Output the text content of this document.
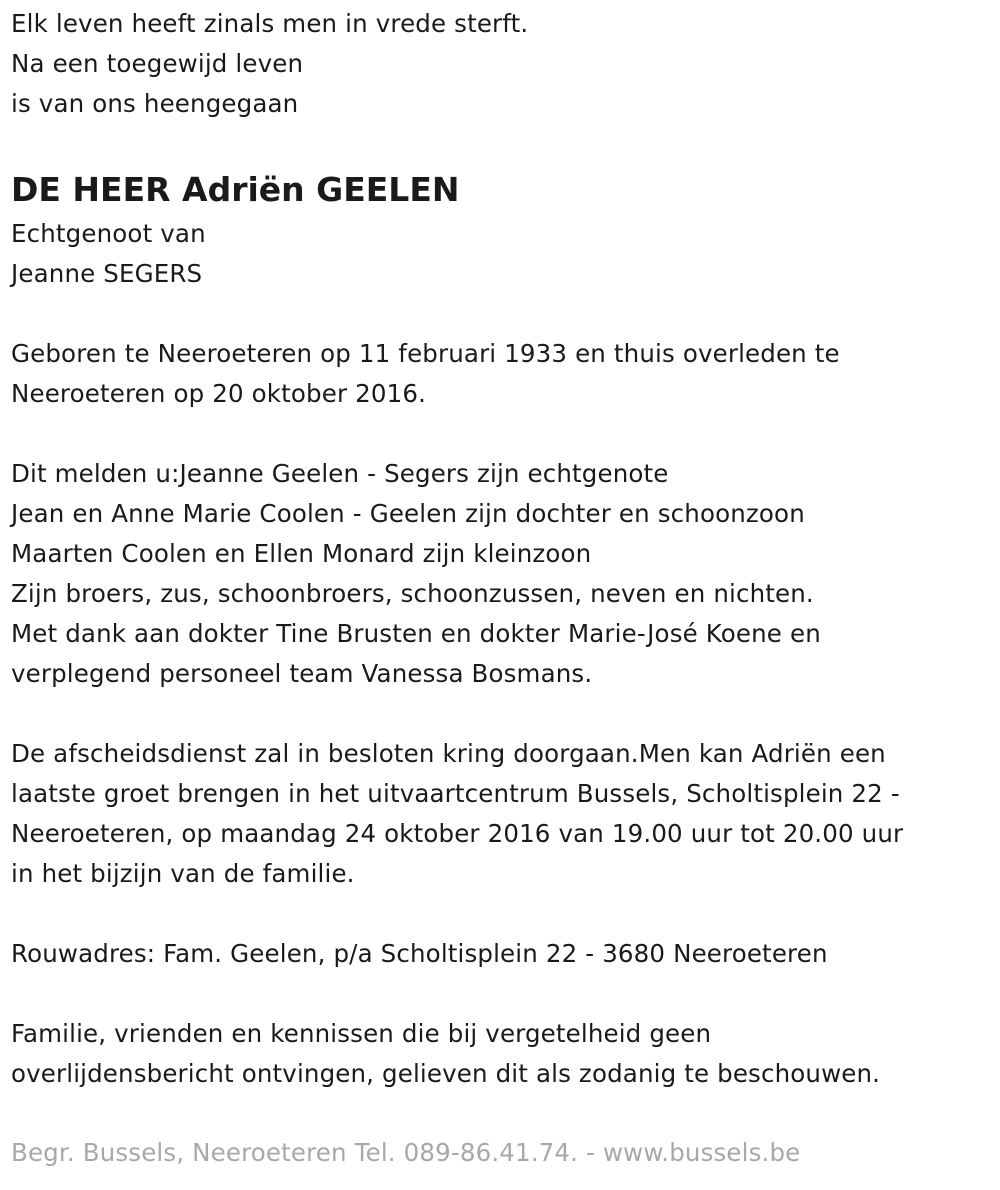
Elk leven heeft zinals men in vrede sterft.
Na een toegewijd leven
is van ons heengegaan
DE HEER Adriën GEELEN
Echtgenoot van
Jeanne SEGERS
Geboren te Neeroeteren op 11 februari 1933 en thuis overleden te
Neeroeteren op 20 oktober 2016.
Dit melden u:Jeanne Geelen - Segers zijn echtgenote
Jean en Anne Marie Coolen - Geelen zijn dochter en schoonzoon
Maarten Coolen en Ellen Monard zijn kleinzoon
Zijn broers, zus, schoonbroers, schoonzussen, neven en nichten.
Met dank aan dokter Tine Brusten en dokter Marie-José Koene en
verplegend personeel team Vanessa Bosmans.
De afscheidsdienst zal in besloten kring doorgaan.Men kan Adriën een
laatste groet brengen in het uitvaartcentrum Bussels, Scholtisplein 22 -
Neeroeteren, op maandag 24 oktober 2016 van 19.00 uur tot 20.00 uur
in het bijzijn van de familie.
Rouwadres: Fam. Geelen, p/a Scholtisplein 22 - 3680 Neeroeteren
Familie, vrienden en kennissen die bij vergetelheid geen
overlijdensbericht ontvingen, gelieven dit als zodanig te beschouwen.
Begr. Bussels, Neeroeteren Tel. 089-86.41.74. - www.bussels.be
